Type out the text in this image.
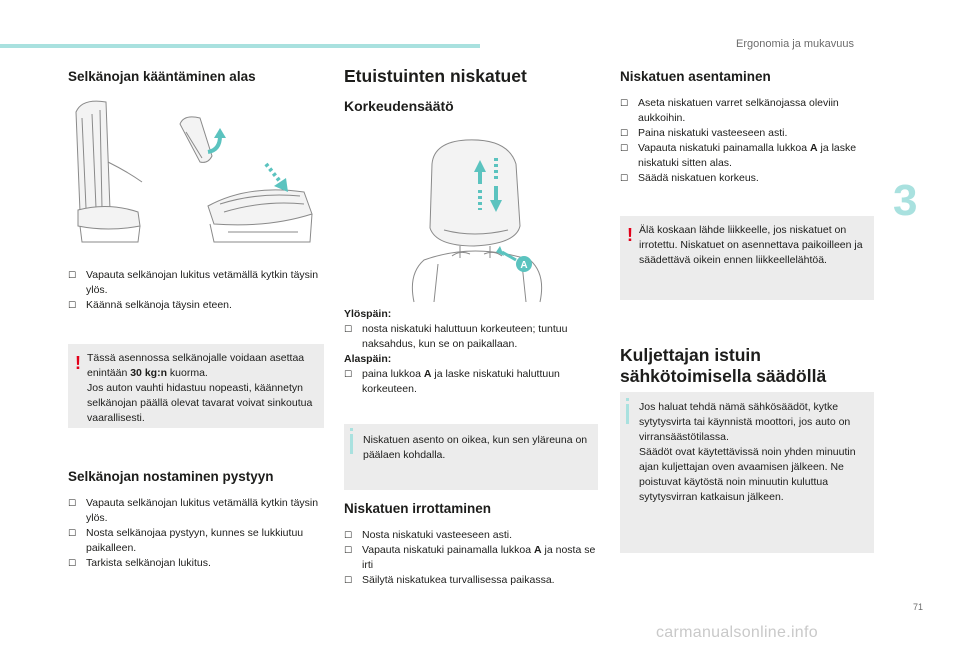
Ergonomia ja mukavuus
3
71
carmanualsonline.info
Selkänojan kääntäminen alas
☐ Vapauta selkänojan lukitus vetämällä kytkin täysin ylös.
☐ Käännä selkänoja täysin eteen.
! Tässä asennossa selkänojalle voidaan asettaa enintään 30 kg:n kuorma.
Jos auton vauhti hidastuu nopeasti, käännetyn selkänojan päällä olevat tavarat voivat sinkoutua vaarallisesti.
Selkänojan nostaminen pystyyn
☐ Vapauta selkänojan lukitus vetämällä kytkin täysin ylös.
☐ Nosta selkänojaa pystyyn, kunnes se lukkiutuu paikalleen.
☐ Tarkista selkänojan lukitus.
Etuistuinten niskatuet
Korkeudensäätö
A
Ylöspäin:
☐ nosta niskatuki haluttuun korkeuteen; tuntuu naksahdus, kun se on paikallaan.
Alaspäin:
☐ paina lukkoa A ja laske niskatuki haluttuun korkeuteen.
Niskatuen asento on oikea, kun sen yläreuna on päälaen kohdalla.
Niskatuen irrottaminen
☐ Nosta niskatuki vasteeseen asti.
☐ Vapauta niskatuki painamalla lukkoa A ja nosta se irti
☐ Säilytä niskatukea turvallisessa paikassa.
Niskatuen asentaminen
☐ Aseta niskatuen varret selkänojassa oleviin aukkoihin.
☐ Paina niskatuki vasteeseen asti.
☐ Vapauta niskatuki painamalla lukkoa A ja laske niskatuki sitten alas.
☐ Säädä niskatuen korkeus.
! Älä koskaan lähde liikkeelle, jos niskatuet on irrotettu. Niskatuet on asennettava paikoilleen ja säädettävä oikein ennen liikkeellelähtöä.
Kuljettajan istuin
sähkötoimisella säädöllä
Jos haluat tehdä nämä sähkösäädöt, kytke sytytysvirta tai käynnistä moottori, jos auto on virransäästötilassa.
Säädöt ovat käytettävissä noin yhden minuutin ajan kuljettajan oven avaamisen jälkeen. Ne poistuvat käytöstä noin minuutin kuluttua sytytysvirran katkaisun jälkeen.
